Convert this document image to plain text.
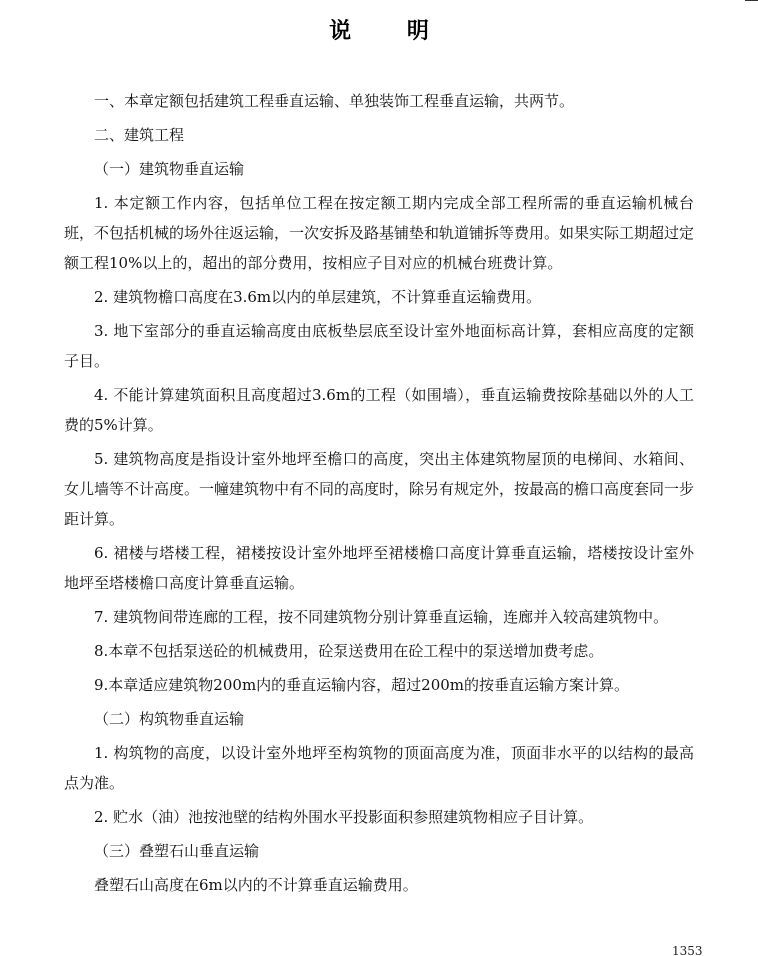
说 明

一、本章定额包括建筑工程垂直运输、单独装饰工程垂直运输，共两节。

二、建筑工程

（一）建筑物垂直运输

1. 本定额工作内容，包括单位工程在按定额工期内完成全部工程所需的垂直运输机械台班，不包括机械的场外往返运输，一次安拆及路基铺垫和轨道铺拆等费用。如果实际工期超过定额工程10%以上的，超出的部分费用，按相应子目对应的机械台班费计算。

2. 建筑物檐口高度在3.6m以内的单层建筑，不计算垂直运输费用。

3. 地下室部分的垂直运输高度由底板垫层底至设计室外地面标高计算，套相应高度的定额子目。

4. 不能计算建筑面积且高度超过3.6m的工程（如围墙），垂直运输费按除基础以外的人工费的5%计算。

5. 建筑物高度是指设计室外地坪至檐口的高度，突出主体建筑物屋顶的电梯间、水箱间、女儿墙等不计高度。一幢建筑物中有不同的高度时，除另有规定外，按最高的檐口高度套同一步距计算。

6. 裙楼与塔楼工程，裙楼按设计室外地坪至裙楼檐口高度计算垂直运输，塔楼按设计室外地坪至塔楼檐口高度计算垂直运输。

7. 建筑物间带连廊的工程，按不同建筑物分别计算垂直运输，连廊并入较高建筑物中。

8.本章不包括泵送砼的机械费用，砼泵送费用在砼工程中的泵送增加费考虑。

9.本章适应建筑物200m内的垂直运输内容，超过200m的按垂直运输方案计算。

（二）构筑物垂直运输

1. 构筑物的高度，以设计室外地坪至构筑物的顶面高度为准，顶面非水平的以结构的最高点为准。

2. 贮水（油）池按池壁的结构外围水平投影面积参照建筑物相应子目计算。

（三）叠塑石山垂直运输

叠塑石山高度在6m以内的不计算垂直运输费用。

1353
